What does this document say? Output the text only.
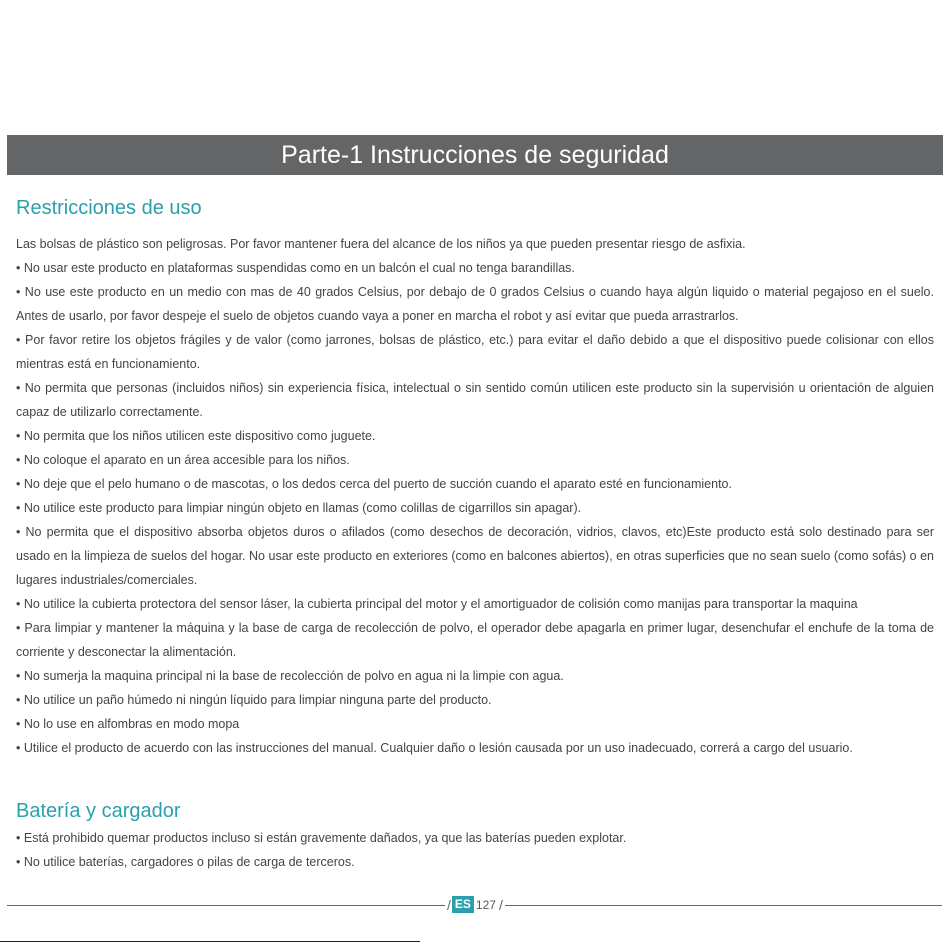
Parte-1 Instrucciones de seguridad
Restricciones de uso

Las bolsas de plástico son peligrosas. Por favor mantener fuera del alcance de los niños ya que pueden presentar riesgo de asfixia.

• No usar este producto en plataformas suspendidas como en un balcón el cual no tenga barandillas.
• No use este producto en un medio con mas de 40 grados Celsius, por debajo de 0 grados Celsius o cuando haya algún liquido o material pegajoso en el suelo. Antes de usarlo, por favor despeje el suelo de objetos cuando vaya a poner en marcha el robot y así evitar que pueda arrastrarlos.
• Por favor retire los objetos frágiles y de valor (como jarrones, bolsas de plástico, etc.) para evitar el daño debido a que el dispositivo puede colisionar con ellos mientras está en funcionamiento.
• No permita que personas (incluidos niños) sin experiencia física, intelectual o sin sentido común utilicen este producto sin la supervisión u orientación de alguien capaz de utilizarlo correctamente.
• No permita que los niños utilicen este dispositivo como juguete.
• No coloque el aparato en un área accesible para los niños.
• No deje que el pelo humano o de mascotas, o los dedos cerca del puerto de succión cuando el aparato esté en funcionamiento.
• No utilice este producto para limpiar ningún objeto en llamas (como colillas de cigarrillos sin apagar).
• No permita que el dispositivo absorba objetos duros o afilados (como desechos de decoración, vidrios, clavos, etc)Este producto está solo destinado para ser usado en la limpieza de suelos del hogar. No usar este producto en exteriores (como en balcones abiertos), en otras superficies que no sean suelo (como sofás) o en lugares industriales/comerciales.
• No utilice la cubierta protectora del sensor láser, la cubierta principal del motor y el amortiguador de colisión como manijas para transportar la maquina
• Para limpiar y mantener la máquina y la base de carga de recolección de polvo, el operador debe apagarla en primer lugar, desenchufar el enchufe de la toma de corriente y desconectar la alimentación.
• No sumerja la maquina principal ni la base de recolección de polvo en agua ni la limpie con agua.
• No utilice un paño húmedo ni ningún líquido para limpiar ninguna parte del producto.
• No lo use en alfombras en modo mopa
• Utilice el producto de acuerdo con las instrucciones del manual. Cualquier daño o lesión causada por un uso inadecuado, correrá a cargo del usuario.
Batería y cargador
• Está prohibido quemar productos incluso si están gravemente dañados, ya que las baterías pueden explotar.
• No utilice baterías, cargadores o pilas de carga de terceros.
/ ES 127 /
